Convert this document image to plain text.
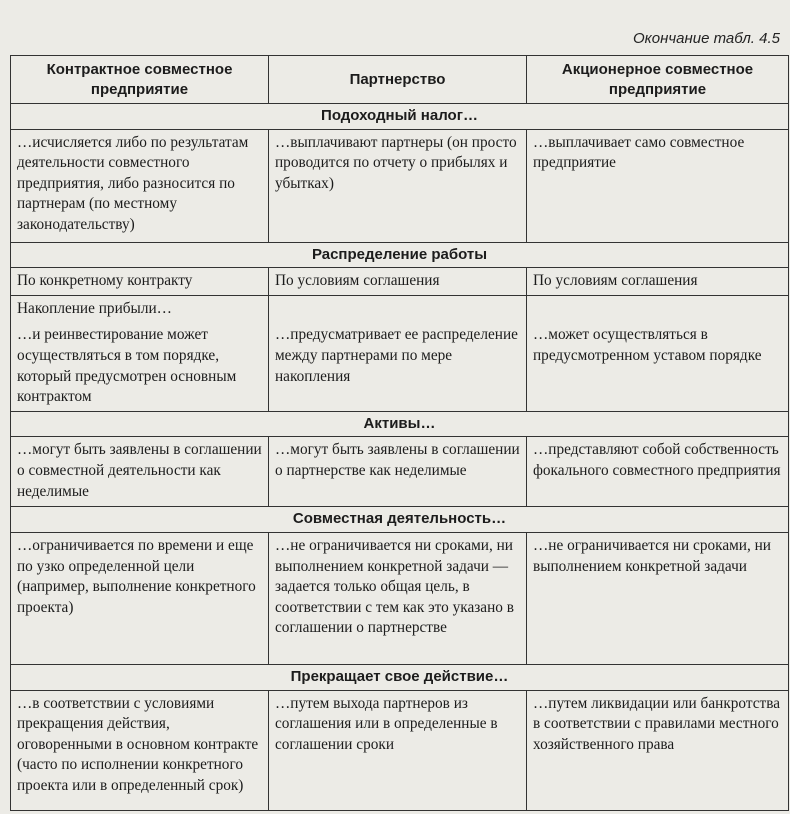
Окончание табл. 4.5
Контрактное совместное предприятие	Партнерство	Акционерное совместное предприятие
Подоходный налог…		
…исчисляется либо по результатам деятельности совместного предприятия, либо разносится по партнерам (по местному законодательству)	…выплачивают партнеры (он просто проводится по отчету о прибылях и убытках)	…выплачивает само совместное предприятие
Распределение работы		
По конкретному контракту	По условиям соглашения	По условиям соглашения
Накопление прибыли…		
…и реинвестирование может осуществляться в том порядке, который предусмотрен основным контрактом	…предусматривает ее распределение между партнерами по мере накопления	…может осуществляться в предусмотренном уставом порядке
Активы…		
…могут быть заявлены в соглашении о совместной деятельности как неделимые	…могут быть заявлены в соглашении о партнерстве как неделимые	…представляют собой собственность фокального совместного предприятия
Совместная деятельность…		
…ограничивается по времени и еще по узко определенной цели (например, выполнение конкретного проекта)	…не ограничивается ни сроками, ни выполнением конкретной задачи — задается только общая цель, в соответствии с тем как это указано в соглашении о партнерстве	…не ограничивается ни сроками, ни выполнением конкретной задачи
Прекращает свое действие…		
…в соответствии с условиями прекращения действия, оговоренными в основном контракте (часто по исполнении конкретного проекта или в определенный срок)	…путем выхода партнеров из соглашения или в определенные в соглашении сроки	…путем ликвидации или банкротства в соответствии с правилами местного хозяйственного права
